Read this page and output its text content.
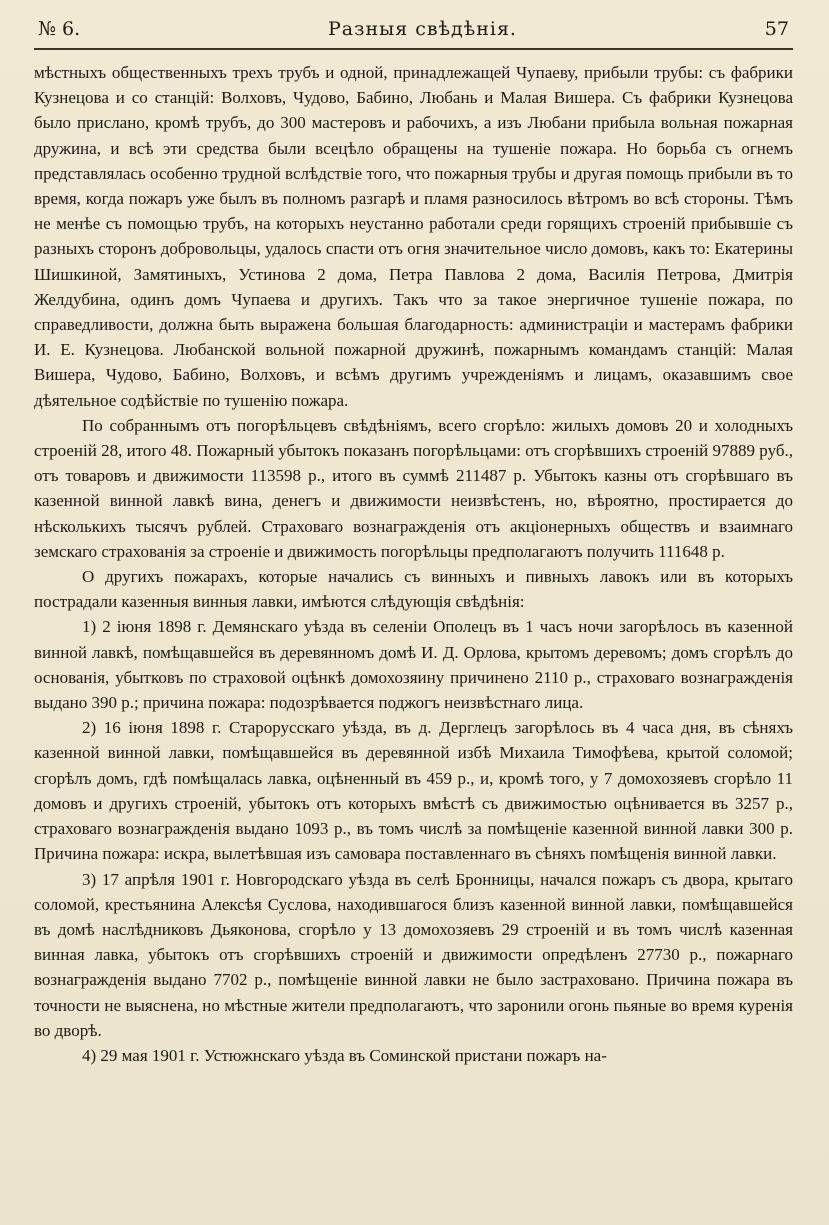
№ 6.	Разныя свѣдѣнія.	57

мѣстныхъ общественныхъ трехъ трубъ и одной, принадлежащей Чупаеву, прибыли трубы: съ фабрики Кузнецова и со станцій: Волховъ, Чудово, Бабино, Любань и Малая Вишера. Съ фабрики Кузнецова было прислано, кромѣ трубъ, до 300 мастеровъ и рабочихъ, а изъ Любани прибыла вольная пожарная дружина, и всѣ эти средства были всецѣло обращены на тушеніе пожара. Но борьба съ огнемъ представлялась особенно трудной вслѣдствіе того, что пожарныя трубы и другая помощь прибыли въ то время, когда пожаръ уже былъ въ полномъ разгарѣ и пламя разносилось вѣтромъ во всѣ стороны. Тѣмъ не менѣе съ помощью трубъ, на которыхъ неустанно работали среди горящихъ строеній прибывшіе съ разныхъ сторонъ добровольцы, удалось спасти отъ огня значительное число домовъ, какъ то: Екатерины Шишкиной, Замятиныхъ, Устинова 2 дома, Петра Павлова 2 дома, Василія Петрова, Дмитрія Желдубина, одинъ домъ Чупаева и другихъ. Такъ что за такое энергичное тушеніе пожара, по справедливости, должна быть выражена большая благодарность: администраціи и мастерамъ фабрики И. Е. Кузнецова. Любанской вольной пожарной дружинѣ, пожарнымъ командамъ станцій: Малая Вишера, Чудово, Бабино, Волховъ, и всѣмъ другимъ учрежденіямъ и лицамъ, оказавшимъ свое дѣятельное содѣйствіе по тушенію пожара.

По собраннымъ отъ погорѣльцевъ свѣдѣніямъ, всего сгорѣло: жилыхъ домовъ 20 и холодныхъ строеній 28, итого 48. Пожарный убытокъ показанъ погорѣльцами: отъ сгорѣвшихъ строеній 97889 руб., отъ товаровъ и движимости 113598 р., итого въ суммѣ 211487 р. Убытокъ казны отъ сгорѣвшаго въ казенной винной лавкѣ вина, денегъ и движимости неизвѣстенъ, но, вѣроятно, простирается до нѣсколькихъ тысячъ рублей. Страховаго вознагражденія отъ акціонерныхъ обществъ и взаимнаго земскаго страхованія за строеніе и движимость погорѣльцы предполагаютъ получить 111648 р.

О другихъ пожарахъ, которые начались съ винныхъ и пивныхъ лавокъ или въ которыхъ пострадали казенныя винныя лавки, имѣются слѣдующія свѣдѣнія:

1) 2 іюня 1898 г. Демянскаго уѣзда въ селеніи Ополецъ въ 1 часъ ночи загорѣлось въ казенной винной лавкѣ, помѣщавшейся въ деревянномъ домѣ И. Д. Орлова, крытомъ деревомъ; домъ сгорѣлъ до основанія, убытковъ по страховой оцѣнкѣ домохозяину причинено 2110 р., страховаго вознагражденія выдано 390 р.; причина пожара: подозрѣвается поджогъ неизвѣстнаго лица.

2) 16 іюня 1898 г. Старорусскаго уѣзда, въ д. Дерглецъ загорѣлось въ 4 часа дня, въ сѣняхъ казенной винной лавки, помѣщавшейся въ деревянной избѣ Михаила Тимофѣева, крытой соломой; сгорѣлъ домъ, гдѣ помѣщалась лавка, оцѣненный въ 459 р., и, кромѣ того, у 7 домохозяевъ сгорѣло 11 домовъ и другихъ строеній, убытокъ отъ которыхъ вмѣстѣ съ движимостью оцѣнивается въ 3257 р., страховаго вознагражденія выдано 1093 р., въ томъ числѣ за помѣщеніе казенной винной лавки 300 р. Причина пожара: искра, вылетѣвшая изъ самовара поставленнаго въ сѣняхъ помѣщенія винной лавки.

3) 17 апрѣля 1901 г. Новгородскаго уѣзда въ селѣ Бронницы, начался пожаръ съ двора, крытаго соломой, крестьянина Алексѣя Суслова, находившагося близъ казенной винной лавки, помѣщавшейся въ домѣ наслѣдниковъ Дьяконова, сгорѣло у 13 домохозяевъ 29 строеній и въ томъ числѣ казенная винная лавка, убытокъ отъ сгорѣвшихъ строеній и движимости опредѣленъ 27730 р., пожарнаго вознагражденія выдано 7702 р., помѣщеніе винной лавки не было застраховано. Причина пожара въ точности не выяснена, но мѣстные жители предполагаютъ, что заронили огонь пьяные во время куренія во дворѣ.

4) 29 мая 1901 г. Устюжнскаго уѣзда въ Соминской пристани пожаръ на-
